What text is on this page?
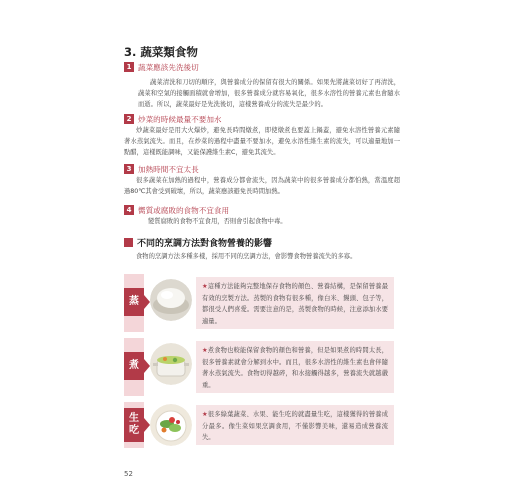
3. 蔬菜類食物
1 蔬菜應該先洗後切
蔬菜清洗和刀切的順序，與營養成分的保留有很大的關係。如果先將蔬菜切好了再清洗，蔬菜和空氣的接觸面積就會增加，很多營養成分就容易氧化，很多水溶性的營養元素也會隨水而逝。所以，蔬菜最好是先洗後切，這樣營養成分的流失是最少的。
2 炒菜的時候最量不要加水
炒蔬菜最好是用大火爆炒，避免長時間燉煮，即使燉煮也要蓋上鍋蓋，避免水溶性營養元素隨著水蒸氣流失。而且，在炒菜的過程中盡量不要加水，避免水溶性維生素的流失，可以適量地加一點醋，這樣既能調味，又能保護維生素C，避免其流失。
3 加熱時間不宜太長
很多蔬菜在加熱的過程中，營養成分都會流失，因為蔬菜中的很多營養成分都怕熱，當溫度超過80℃其會受到破壞，所以，蔬菜應該避免長時間加熱。
4 嚮質或腐敗的食物不宜食用
變質腐敗的食物不宜食用，否則會引起食物中毒。
不同的烹調方法對食物營養的影響
食物的烹調方法多種多樣，採用不同的烹調方法，會影響食物營養流失的多寡。
蒸
★這種方法能夠完整地保存食物的顏色、營養結構，是保留營養最有效的烹製方法。蒸製的食物有很多種，像白米、饅頭、包子等，都很受人們喜愛。需要注意的是，蒸製食物的時候，注意添加水要適量。
煮
★煮食物也較能保留食物的顏色和營養，但是如果煮的時間太長，很多營養素就會分解到水中。而且，很多水溶性的維生素也會伴隨著水蒸氣流失。食物切得越碎，和水接觸得越多，營養流失就越嚴重。
生吃
★很多綠葉蔬菜、水果、能生吃的就盡量生吃，這樣獲得的營養成分最多。像生菜如果烹調食用，不僅影響美味，還易造成營養流失。
52
